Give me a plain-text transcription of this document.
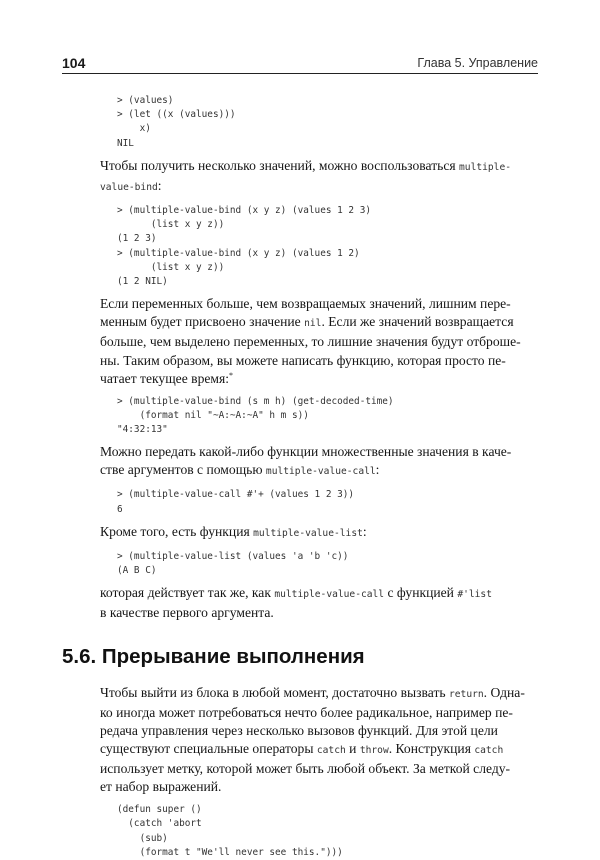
104	Глава 5. Управление
> (values)
> (let ((x (values)))
x)
NIL

Чтобы получить несколько значений, можно воспользоваться multiple-
value-bind:

> (multiple-value-bind (x y z) (values 1 2 3)
(list x y z))
(1 2 3)
> (multiple-value-bind (x y z) (values 1 2)
(list x y z))
(1 2 NIL)

Если переменных больше, чем возвращаемых значений, лишним пере-
менным будет присвоено значение nil. Если же значений возвращается
больше, чем выделено переменных, то лишние значения будут отброше-
ны. Таким образом, вы можете написать функцию, которая просто пе-
чатает текущее время:*

> (multiple-value-bind (s m h) (get-decoded-time)
(format nil "~A:~A:~A" h m s))
"4:32:13"

Можно передать какой-либо функции множественные значения в каче-
стве аргументов с помощью multiple-value-call:

> (multiple-value-call #'+ (values 1 2 3))
6

Кроме того, есть функция multiple-value-list:

> (multiple-value-list (values 'a 'b 'c))
(A B C)

которая действует так же, как multiple-value-call с функцией #'list
в качестве первого аргумента.

5.6. Прерывание выполнения

Чтобы выйти из блока в любой момент, достаточно вызвать return. Одна-
ко иногда может потребоваться нечто более радикальное, например пе-
редача управления через несколько вызовов функций. Для этой цели
существуют специальные операторы catch и throw. Конструкция catch
использует метку, которой может быть любой объект. За меткой следу-
ет набор выражений.

(defun super ()
(catch 'abort
(sub)
(format t "We'll never see this.")))
